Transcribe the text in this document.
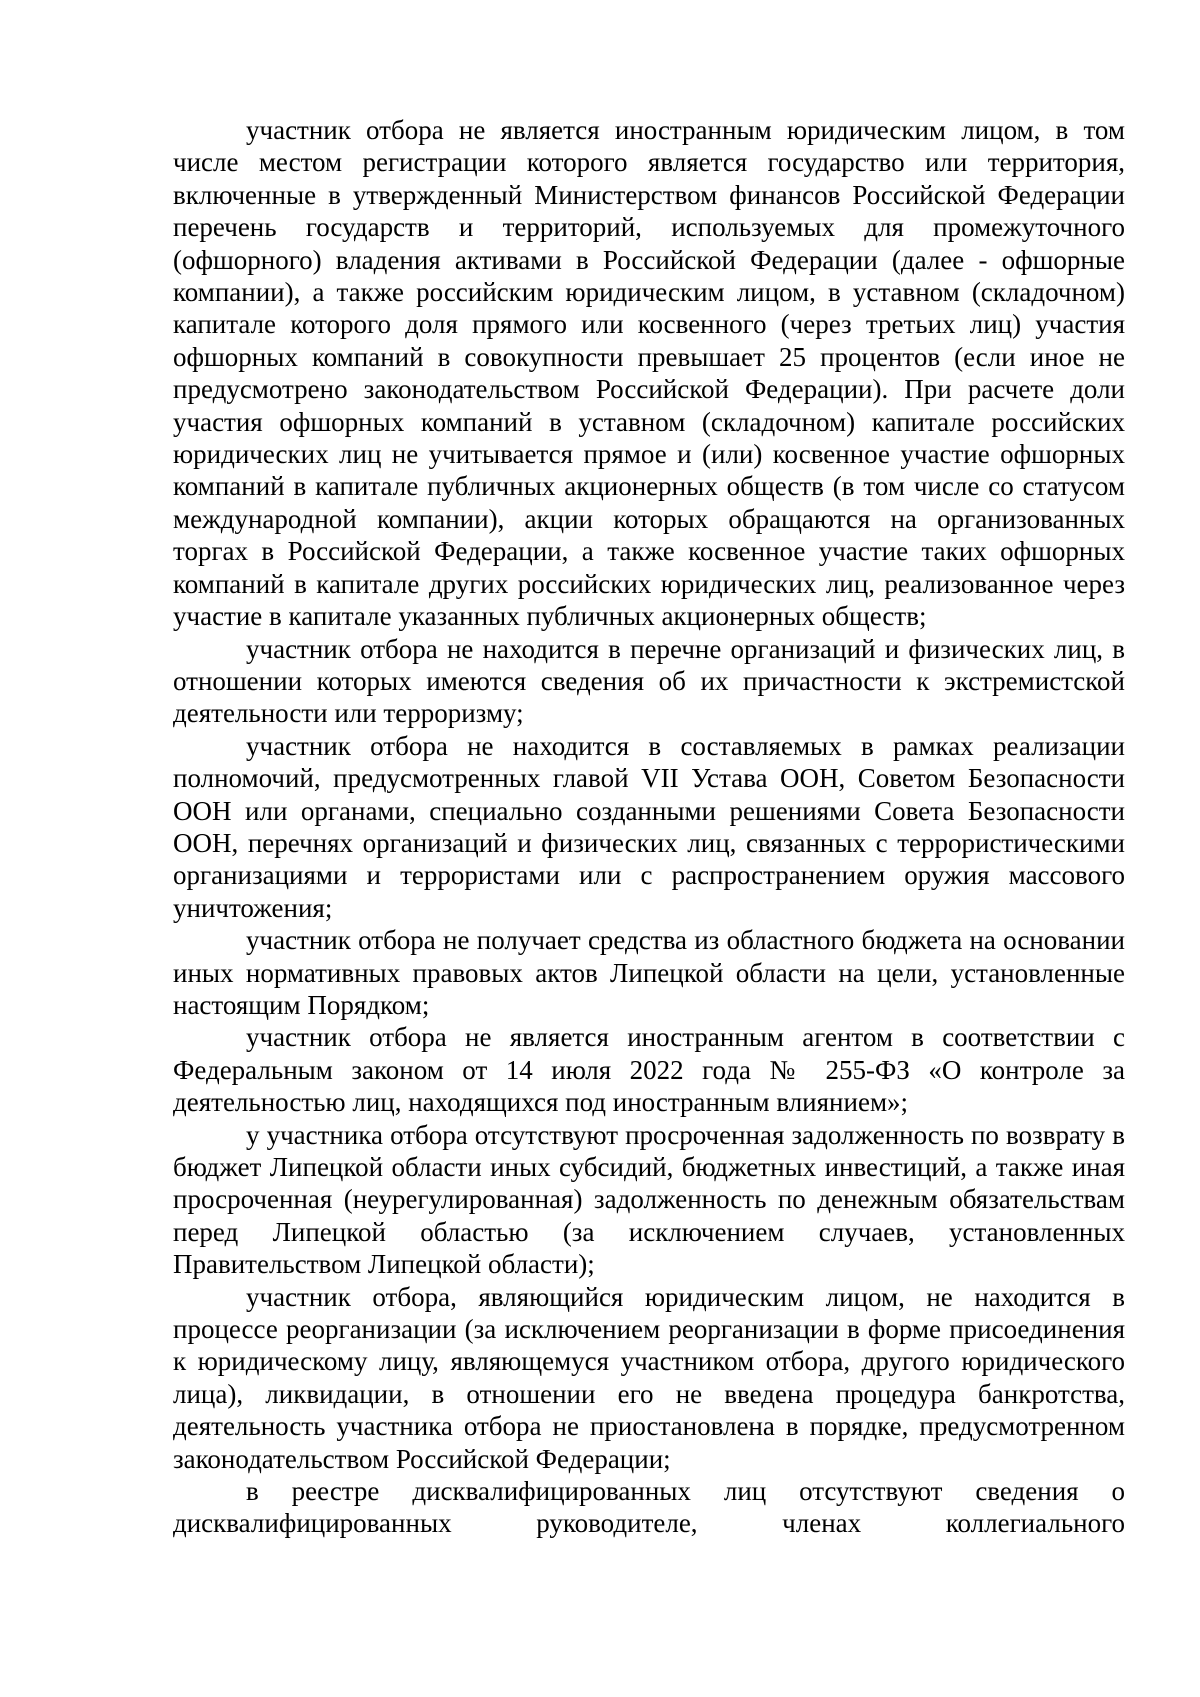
участник отбора не является иностранным юридическим лицом, в том числе местом регистрации которого является государство или территория, включенные в утвержденный Министерством финансов Российской Федерации перечень государств и территорий, используемых для промежуточного (офшорного) владения активами в Российской Федерации (далее - офшорные компании), а также российским юридическим лицом, в уставном (складочном) капитале которого доля прямого или косвенного (через третьих лиц) участия офшорных компаний в совокупности превышает 25 процентов (если иное не предусмотрено законодательством Российской Федерации). При расчете доли участия офшорных компаний в уставном (складочном) капитале российских юридических лиц не учитывается прямое и (или) косвенное участие офшорных компаний в капитале публичных акционерных обществ (в том числе со статусом международной компании), акции которых обращаются на организованных торгах в Российской Федерации, а также косвенное участие таких офшорных компаний в капитале других российских юридических лиц, реализованное через участие в капитале указанных публичных акционерных обществ;

участник отбора не находится в перечне организаций и физических лиц, в отношении которых имеются сведения об их причастности к экстремистской деятельности или терроризму;

участник отбора не находится в составляемых в рамках реализации полномочий, предусмотренных главой VII Устава ООН, Советом Безопасности ООН или органами, специально созданными решениями Совета Безопасности ООН, перечнях организаций и физических лиц, связанных с террористическими организациями и террористами или с распространением оружия массового уничтожения;

участник отбора не получает средства из областного бюджета на основании иных нормативных правовых актов Липецкой области на цели, установленные настоящим Порядком;

участник отбора не является иностранным агентом в соответствии с Федеральным законом от 14 июля 2022 года № 255-ФЗ «О контроле за деятельностью лиц, находящихся под иностранным влиянием»;

у участника отбора отсутствуют просроченная задолженность по возврату в бюджет Липецкой области иных субсидий, бюджетных инвестиций, а также иная просроченная (неурегулированная) задолженность по денежным обязательствам перед Липецкой областью (за исключением случаев, установленных Правительством Липецкой области);

участник отбора, являющийся юридическим лицом, не находится в процессе реорганизации (за исключением реорганизации в форме присоединения к юридическому лицу, являющемуся участником отбора, другого юридического лица), ликвидации, в отношении его не введена процедура банкротства, деятельность участника отбора не приостановлена в порядке, предусмотренном законодательством Российской Федерации;

в реестре дисквалифицированных лиц отсутствуют сведения о дисквалифицированных руководителе, членах коллегиального
